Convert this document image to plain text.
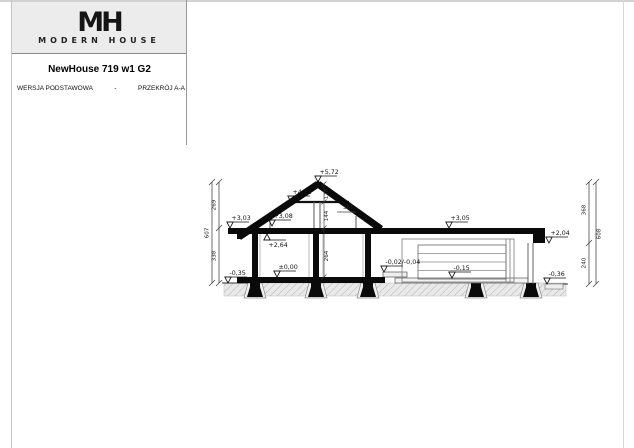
MH
MODERN HOUSE
NewHouse 719 w1 G2
WERSJA PODSTAWOWA	-	PRZEKRÓJ A-A
+5,72
+4,52
+3,03	+3,08
+2,64
±0,00
-0,35
-0,02/-0,04
-0,15
+3,05
+2,04
-0,36
269
338
607
368
240
608
120
144
264
36°
